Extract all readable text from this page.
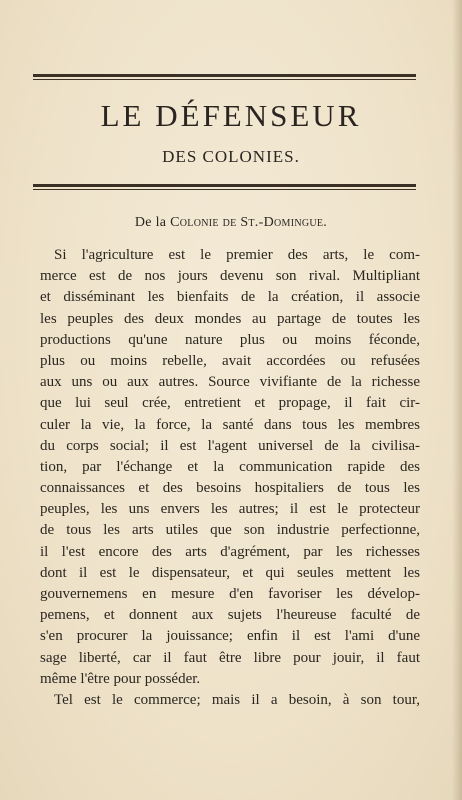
LE DÉFENSEUR
DES COLONIES.
De la Colonie de St.-Domingue.
Si l'agriculture est le premier des arts, le com-
merce est de nos jours devenu son rival. Multipliant
et disséminant les bienfaits de la création, il associe
les peuples des deux mondes au partage de toutes les
productions qu'une nature plus ou moins féconde,
plus ou moins rebelle, avait accordées ou refusées
aux uns ou aux autres. Source vivifiante de la richesse
que lui seul crée, entretient et propage, il fait cir-
culer la vie, la force, la santé dans tous les membres
du corps social; il est l'agent universel de la civilisa-
tion, par l'échange et la communication rapide des
connaissances et des besoins hospitaliers de tous les
peuples, les uns envers les autres; il est le protecteur
de tous les arts utiles que son industrie perfectionne,
il l'est encore des arts d'agrément, par les richesses
dont il est le dispensateur, et qui seules mettent les
gouvernemens en mesure d'en favoriser les dévelop-
pemens, et donnent aux sujets l'heureuse faculté de
s'en procurer la jouissance; enfin il est l'ami d'une
sage liberté, car il faut être libre pour jouir, il faut
même l'être pour posséder.
Tel est le commerce; mais il a besoin, à son tour,
